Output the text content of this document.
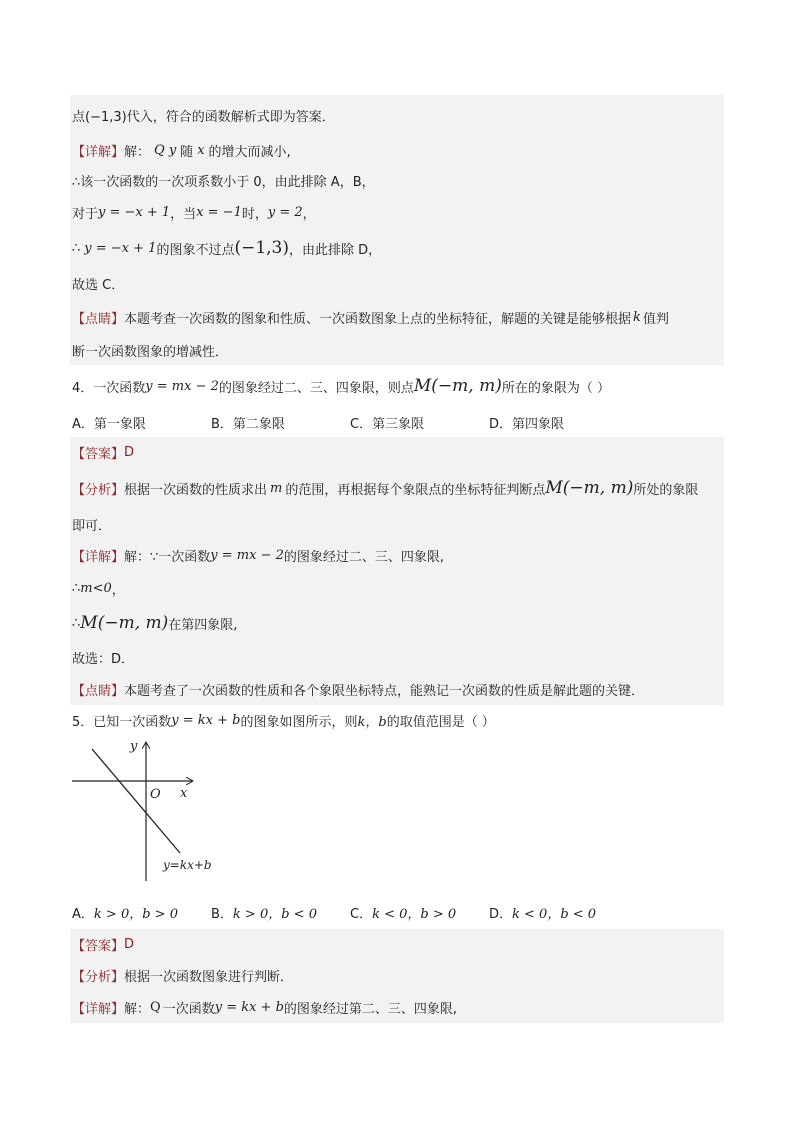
点(−1,3)代入，符合的函数解析式即为答案．
【详解】 解： Q y 随 x 的增大而减小,
∴该一次函数的一次项系数小于 0，由此排除 A，B，
对于 y = −x + 1 ，当 x = −1 时， y = 2 ，
∴ y = −x + 1 的图象不过点 (−1,3) ，由此排除 D，
故选 C．
【点睛】 本题考查一次函数的图象和性质、一次函数图象上点的坐标特征，解题的关键是能够根据 k 值判
断一次函数图象的增减性．
4．一次函数 y = mx − 2 的图象经过二、三、四象限，则点 M(−m, m) 所在的象限为（ ）
A．第一象限	B．第二象限	C．第三象限	D．第四象限
【答案】 D
【分析】 根据一次函数的性质求出 m 的范围，再根据每个象限点的坐标特征判断点 M(−m, m) 所处的象限
即可．
【详解】 解：∵一次函数 y = mx − 2 的图象经过二、三、四象限,
∴ m<0 ，
∴ M(−m, m) 在第四象限,
故选：D．
【点睛】 本题考查了一次函数的性质和各个象限坐标特点，能熟记一次函数的性质是解此题的关键．
5．已知一次函数 y = kx + b 的图象如图所示，则 k，b 的取值范围是（ ）
y
x
O
y=kx+b
A．k > 0，b > 0	B．k > 0，b < 0	C．k < 0，b > 0	D．k < 0，b < 0
【答案】 D
【分析】 根据一次函数图象进行判断．
【详解】 解： Q 一次函数 y = kx + b 的图象经过第二、三、四象限,
